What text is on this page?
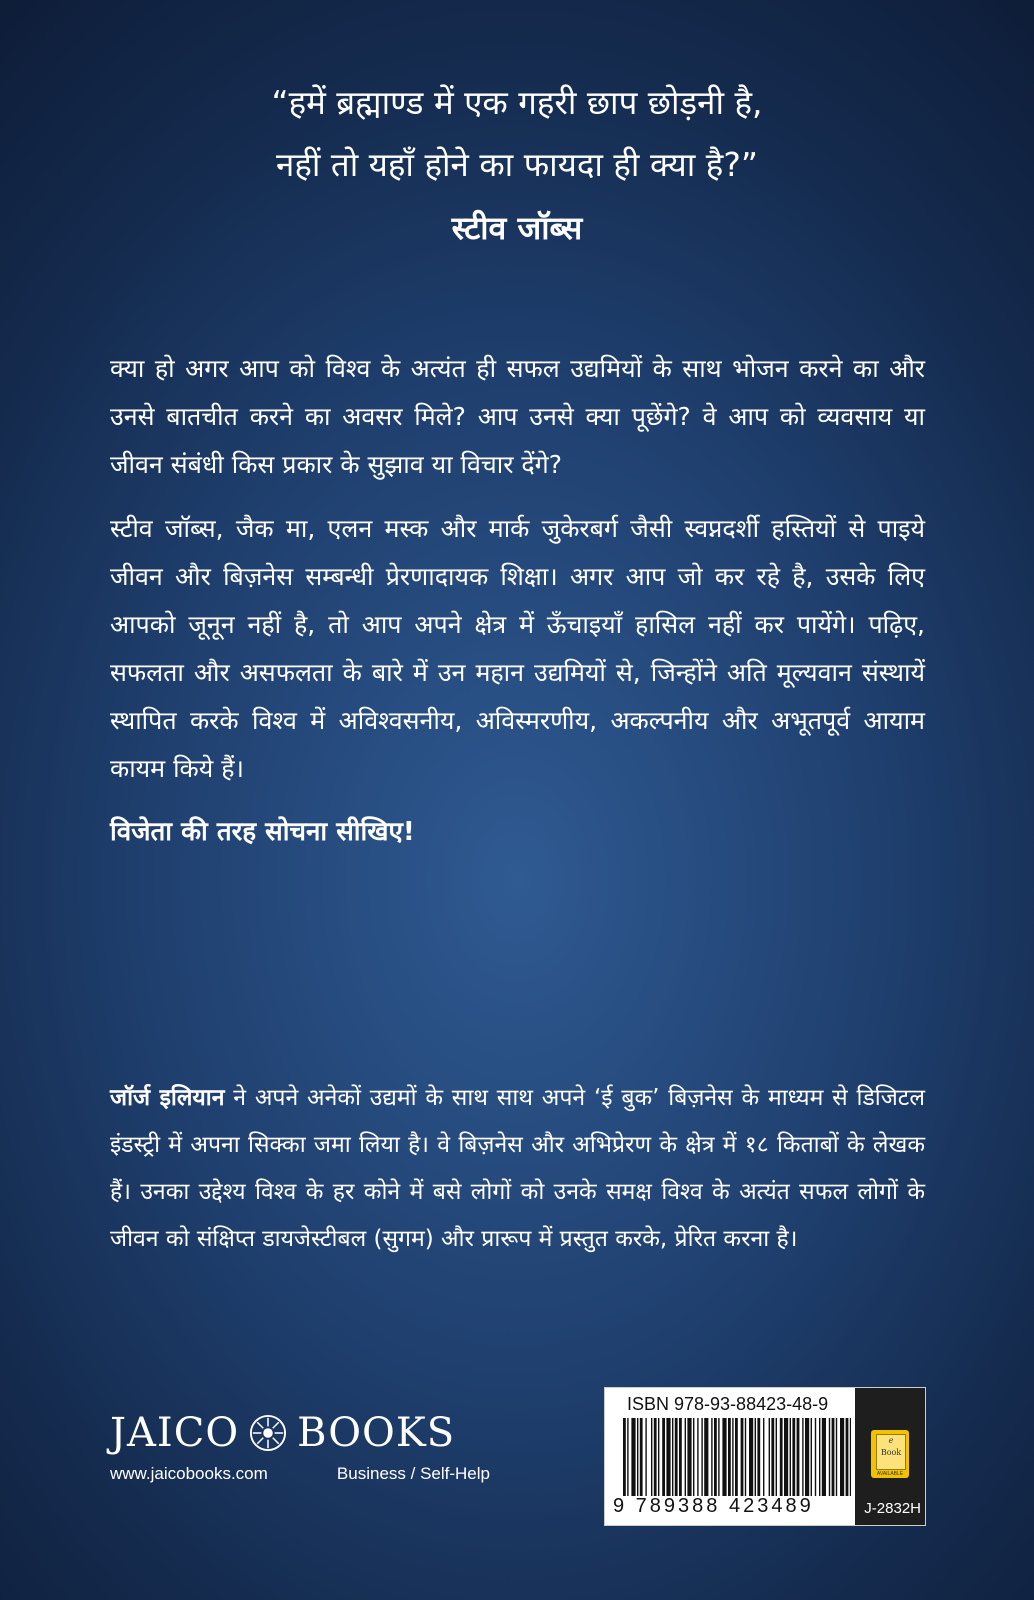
“हमें ब्रह्माण्ड में एक गहरी छाप छोड़नी है,
नहीं तो यहाँ होने का फायदा ही क्या है?”
स्टीव जॉब्स

क्या हो अगर आप को विश्व के अत्यंत ही सफल उद्यमियों के साथ भोजन करने का और उनसे बातचीत करने का अवसर मिले? आप उनसे क्या पूछेंगे? वे आप को व्यवसाय या जीवन संबंधी किस प्रकार के सुझाव या विचार देंगे?

स्टीव जॉब्स, जैक मा, एलन मस्क और मार्क जुकेरबर्ग जैसी स्वप्नदर्शी हस्तियों से पाइये जीवन और बिज़नेस सम्बन्धी प्रेरणादायक शिक्षा। अगर आप जो कर रहे है, उसके लिए आपको जूनून नहीं है, तो आप अपने क्षेत्र में ऊँचाइयाँ हासिल नहीं कर पायेंगे। पढ़िए, सफलता और असफलता के बारे में उन महान उद्यमियों से, जिन्होंने अति मूल्यवान संस्थायें स्थापित करके विश्व में अविश्वसनीय, अविस्मरणीय, अकल्पनीय और अभूतपूर्व आयाम कायम किये हैं।

विजेता की तरह सोचना सीखिए!
जॉर्ज इलियान ने अपने अनेकों उद्यमों के साथ साथ अपने ‘ई बुक’ बिज़नेस के माध्यम से डिजिटल इंडस्ट्री में अपना सिक्का जमा लिया है। वे बिज़नेस और अभिप्रेरण के क्षेत्र में १८ किताबों के लेखक हैं। उनका उद्देश्य विश्व के हर कोने में बसे लोगों को उनके समक्ष विश्व के अत्यंत सफल लोगों के जीवन को संक्षिप्त डायजेस्टीबल (सुगम) और प्रारूप में प्रस्तुत करके, प्रेरित करना है।
JAICO BOOKS
www.jaicobooks.com	Business / Self-Help
ISBN 978-93-88423-48-9
9 789388 423489
e
Book
AVAILABLE
J-2832H
